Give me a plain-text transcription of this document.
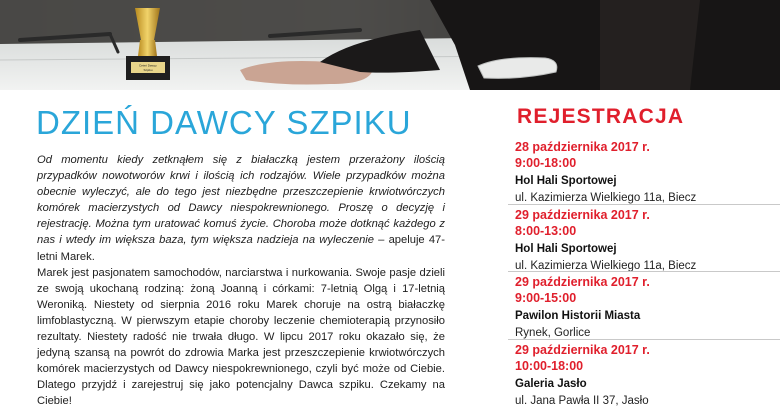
Dzień Dawcy
Szpiku
DZIEŃ DAWCY SZPIKU

Od momentu kiedy zetknąłem się z białaczką jestem przerażony ilością przypadków nowotworów krwi i ilością ich rodzajów. Wiele przypadków można obecnie wyleczyć, ale do tego jest niezbędne przeszczepienie krwiotwórczych komórek macierzystych od Dawcy niespokrewnionego. Proszę o decyzję i rejestrację. Można tym uratować komuś życie. Choroba może dotknąć każdego z nas i wtedy im większa baza, tym większa nadzieja na wyleczenie – apeluje 47-letni Marek.

Marek jest pasjonatem samochodów, narciarstwa i nurkowania. Swoje pasje dzieli ze swoją ukochaną rodziną: żoną Joanną i córkami: 7-letnią Olgą i 17-letnią Weroniką. Niestety od sierpnia 2016 roku Marek choruje na ostrą białaczkę limfoblastyczną. W pierwszym etapie choroby leczenie chemioterapią przynosiło rezultaty. Niestety radość nie trwała długo. W lipcu 2017 roku okazało się, że jedyną szansą na powrót do zdrowia Marka jest przeszczepienie krwiotwórczych komórek macierzystych od Dawcy niespokrewnionego, czyli być może od Ciebie. Dlatego przyjdź i zarejestruj się jako potencjalny Dawca szpiku. Czekamy na Ciebie!

REJESTRACJA
28 października 2017 r.
9:00-18:00
Hol Hali Sportowej
ul. Kazimierza Wielkiego 11a, Biecz
29 października 2017 r.
8:00-13:00
Hol Hali Sportowej
ul. Kazimierza Wielkiego 11a, Biecz
29 października 2017 r.
9:00-15:00
Pawilon Historii Miasta
Rynek, Gorlice
29 października 2017 r.
10:00-18:00
Galeria Jasło
ul. Jana Pawła II 37, Jasło
